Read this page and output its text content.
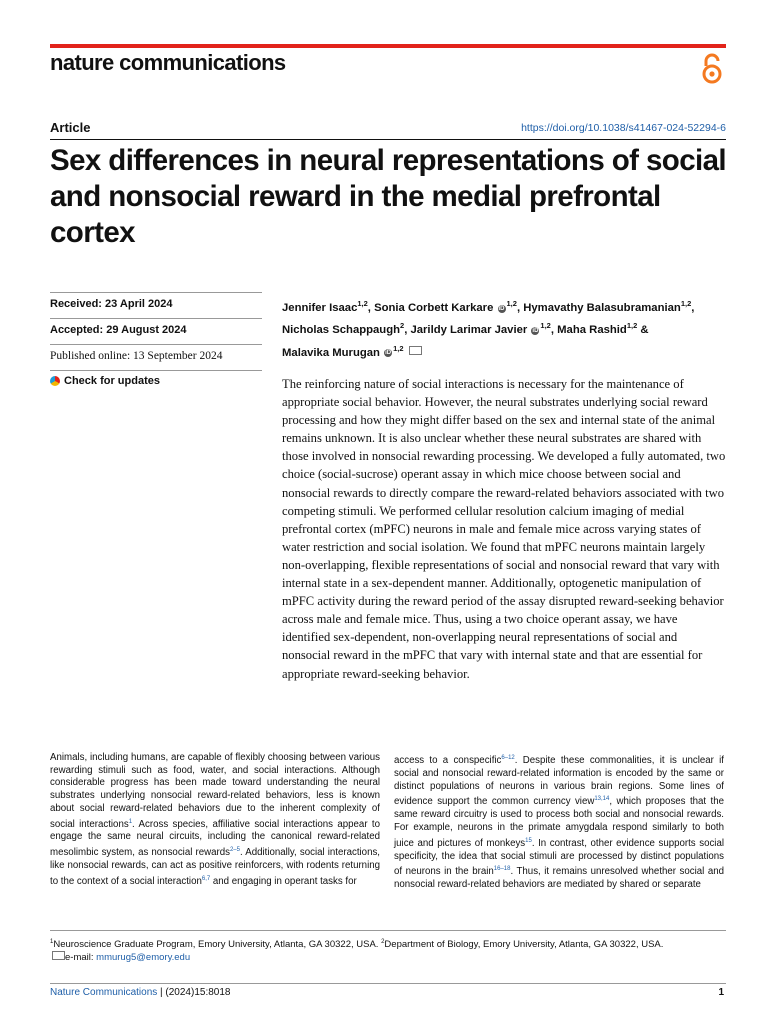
nature communications
Article	https://doi.org/10.1038/s41467-024-52294-6
Sex differences in neural representations of social and nonsocial reward in the medial prefrontal cortex
Received: 23 April 2024
Accepted: 29 August 2024
Published online: 13 September 2024
Check for updates
Jennifer Isaac$^{1,2}$, Sonia Corbett Karkare iD$^{1,2}$, Hymavathy Balasubramanian$^{1,2}$,
Nicholas Schappaugh$^2$, Jarildy Larimar Javier iD$^{1,2}$, Maha Rashid$^{1,2}$ &
Malavika Murugan iD$^{1,2}$

The reinforcing nature of social interactions is necessary for the maintenance of appropriate social behavior. However, the neural substrates underlying social reward processing and how they might differ based on the sex and internal state of the animal remains unknown. It is also unclear whether these neural substrates are shared with those involved in nonsocial rewarding processing. We developed a fully automated, two choice (social-sucrose) operant assay in which mice choose between social and nonsocial rewards to directly compare the reward-related behaviors associated with two competing stimuli. We performed cellular resolution calcium imaging of medial prefrontal cortex (mPFC) neurons in male and female mice across varying states of water restriction and social isolation. We found that mPFC neurons maintain largely non-overlapping, flexible representations of social and nonsocial reward that vary with internal state in a sex-dependent manner. Additionally, optogenetic manipulation of mPFC activity during the reward period of the assay disrupted reward-seeking behavior across male and female mice. Thus, using a two choice operant assay, we have identified sex-dependent, non-overlapping neural representations of social and nonsocial reward in the mPFC that vary with internal state and that are essential for appropriate reward-seeking behavior.

Animals, including humans, are capable of flexibly choosing between various rewarding stimuli such as food, water, and social interactions. Although considerable progress has been made toward understanding the neural substrates underlying nonsocial reward-related behaviors, less is known about social reward-related behaviors due to the inherent complexity of social interactions$^1$. Across species, affiliative social interactions appear to engage the same neural circuits, including the canonical reward-related mesolimbic system, as nonsocial rewards$^{2-5}$. Additionally, social interactions, like nonsocial rewards, can act as positive reinforcers, with rodents returning to the context of a social interaction$^{6,7}$ and engaging in operant tasks for

access to a conspecific$^{6-12}$. Despite these commonalities, it is unclear if social and nonsocial reward-related information is encoded by the same or distinct populations of neurons in various brain regions. Some lines of evidence support the common currency view$^{13,14}$, which proposes that the same reward circuitry is used to process both social and nonsocial rewards. For example, neurons in the primate amygdala respond similarly to both juice and pictures of monkeys$^{15}$. In contrast, other evidence supports social specificity, the idea that social stimuli are processed by distinct populations of neurons in the brain$^{16-18}$. Thus, it remains unresolved whether social and nonsocial reward-related behaviors are mediated by shared or separate

$^1$Neuroscience Graduate Program, Emory University, Atlanta, GA 30322, USA. $^2$Department of Biology, Emory University, Atlanta, GA 30322, USA.
e-mail: mmurug5@emory.edu
Nature Communications | (2024)15:8018	1
